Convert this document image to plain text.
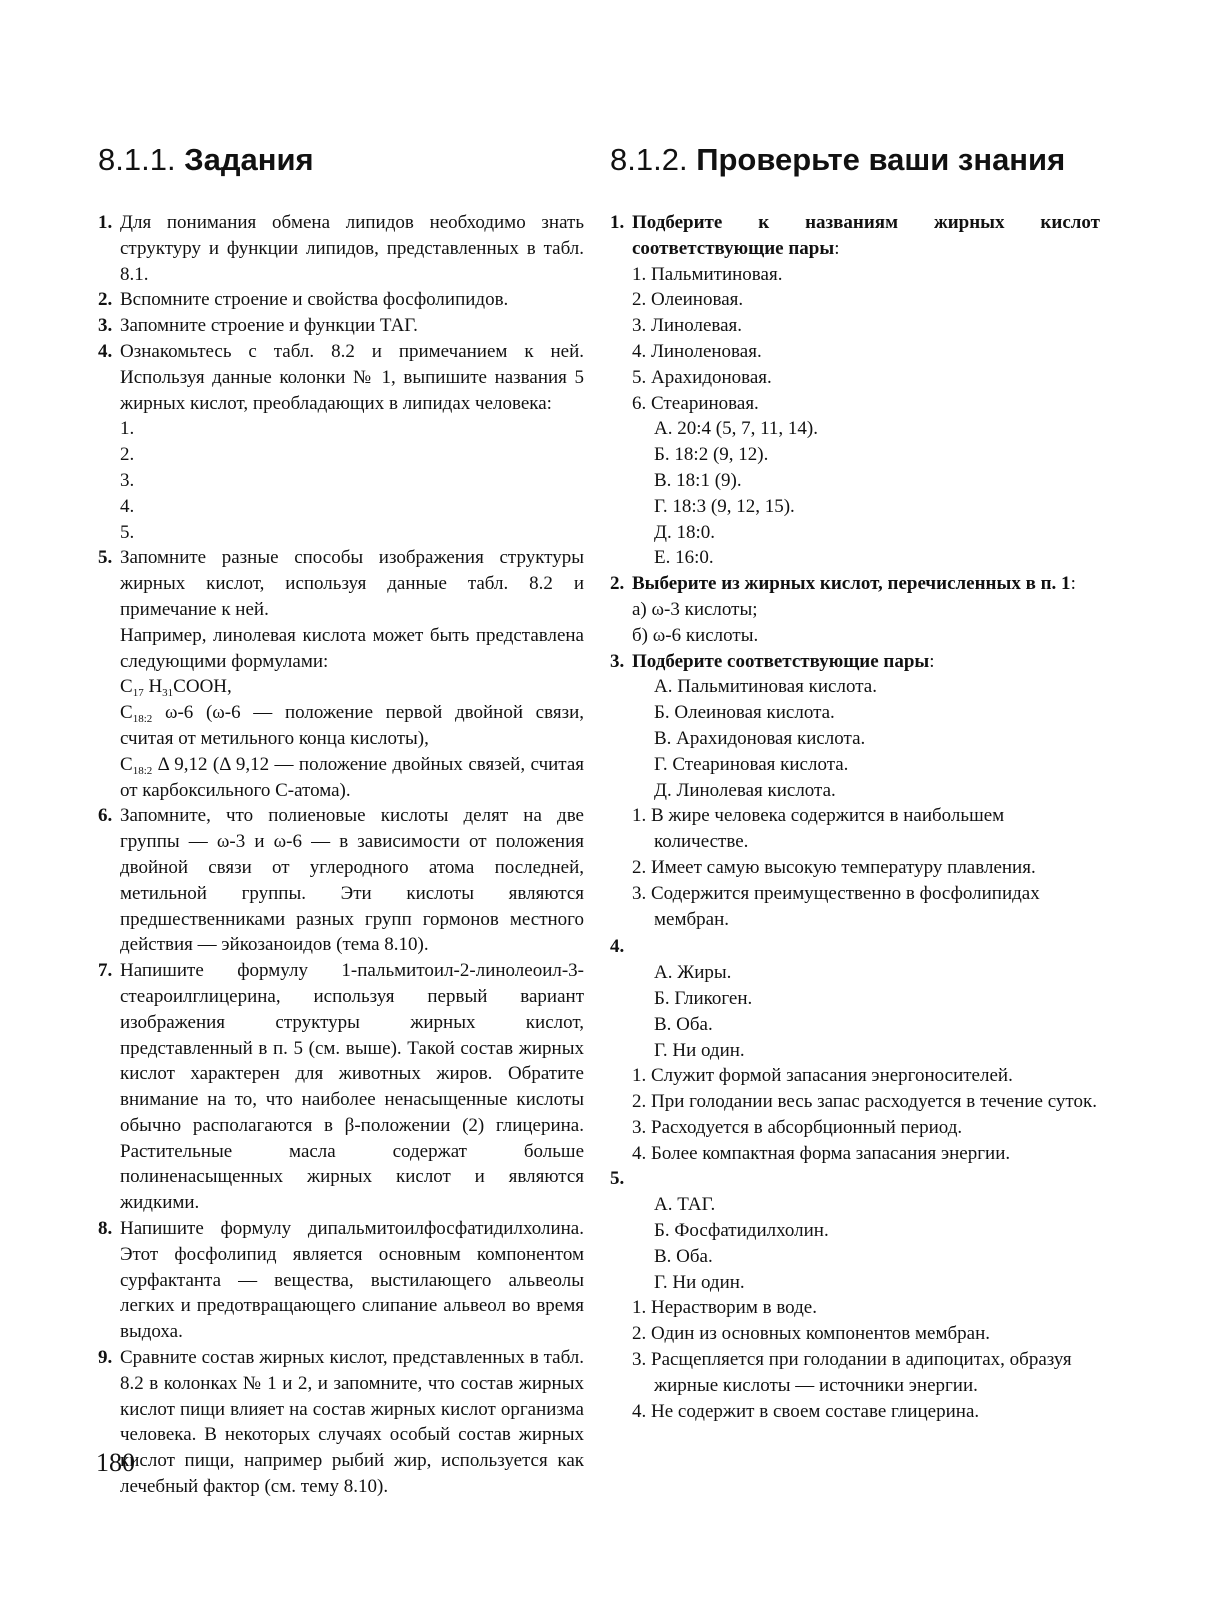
8.1.1. Задания
1. Для понимания обмена липидов необходимо знать структуру и функции липидов, представленных в табл. 8.1.
2. Вспомните строение и свойства фосфолипидов.
3. Запомните строение и функции ТАГ.
4. Ознакомьтесь с табл. 8.2 и примечанием к ней. Используя данные колонки № 1, выпишите названия 5 жирных кислот, преобладающих в липидах человека:
1.
2.
3.
4.
5.
5. Запомните разные способы изображения структуры жирных кислот, используя данные табл. 8.2 и примечание к ней.
Например, линолевая кислота может быть представлена следующими формулами:
$C_{17}$ $H_{31}COOH$,
$C_{18:2}$ ω-6 (ω-6 — положение первой двойной связи, считая от метильного конца кислоты),
$C_{18:2}$ Δ 9,12 (Δ 9,12 — положение двойных связей, считая от карбоксильного С-атома).
6. Запомните, что полиеновые кислоты делят на две группы — ω-3 и ω-6 — в зависимости от положения двойной связи от углеродного атома последней, метильной группы. Эти кислоты являются предшественниками разных групп гормонов местного действия — эйкозаноидов (тема 8.10).
7. Напишите формулу 1-пальмитоил-2-линолеоил-3-стеароилглицерина, используя первый вариант изображения структуры жирных кислот, представленный в п. 5 (см. выше). Такой состав жирных кислот характерен для животных жиров. Обратите внимание на то, что наиболее ненасыщенные кислоты обычно располагаются в β-положении (2) глицерина. Растительные масла содержат больше полиненасыщенных жирных кислот и являются жидкими.
8. Напишите формулу дипальмитоилфосфатидилхолина. Этот фосфолипид является основным компонентом сурфактанта — вещества, выстилающего альвеолы легких и предотвращающего слипание альвеол во время выдоха.
9. Сравните состав жирных кислот, представленных в табл. 8.2 в колонках № 1 и 2, и запомните, что состав жирных кислот пищи влияет на состав жирных кислот организма человека. В некоторых случаях особый состав жирных кислот пищи, например рыбий жир, используется как лечебный фактор (см. тему 8.10).
8.1.2. Проверьте ваши знания
1. Подберите к названиям жирных кислот соответствующие пары:
1. Пальмитиновая.
2. Олеиновая.
3. Линолевая.
4. Линоленовая.
5. Арахидоновая.
6. Стеариновая.
А. 20:4 (5, 7, 11, 14).
Б. 18:2 (9, 12).
В. 18:1 (9).
Г. 18:3 (9, 12, 15).
Д. 18:0.
Е. 16:0.
2. Выберите из жирных кислот, перечисленных в п. 1:
а) ω-3 кислоты;
б) ω-6 кислоты.
3. Подберите соответствующие пары:
А. Пальмитиновая кислота.
Б. Олеиновая кислота.
В. Арахидоновая кислота.
Г. Стеариновая кислота.
Д. Линолевая кислота.
1. В жире человека содержится в наибольшем количестве.
2. Имеет самую высокую температуру плавления.
3. Содержится преимущественно в фосфолипидах мембран.
4.

А. Жиры.
Б. Гликоген.
В. Оба.
Г. Ни один.
1. Служит формой запасания энергоносителей.
2. При голодании весь запас расходуется в течение суток.
3. Расходуется в абсорбционный период.
4. Более компактная форма запасания энергии.
5.

А. ТАГ.
Б. Фосфатидилхолин.
В. Оба.
Г. Ни один.
1. Нерастворим в воде.
2. Один из основных компонентов мембран.
3. Расщепляется при голодании в адипоцитах, образуя жирные кислоты — источники энергии.
4. Не содержит в своем составе глицерина.
180
